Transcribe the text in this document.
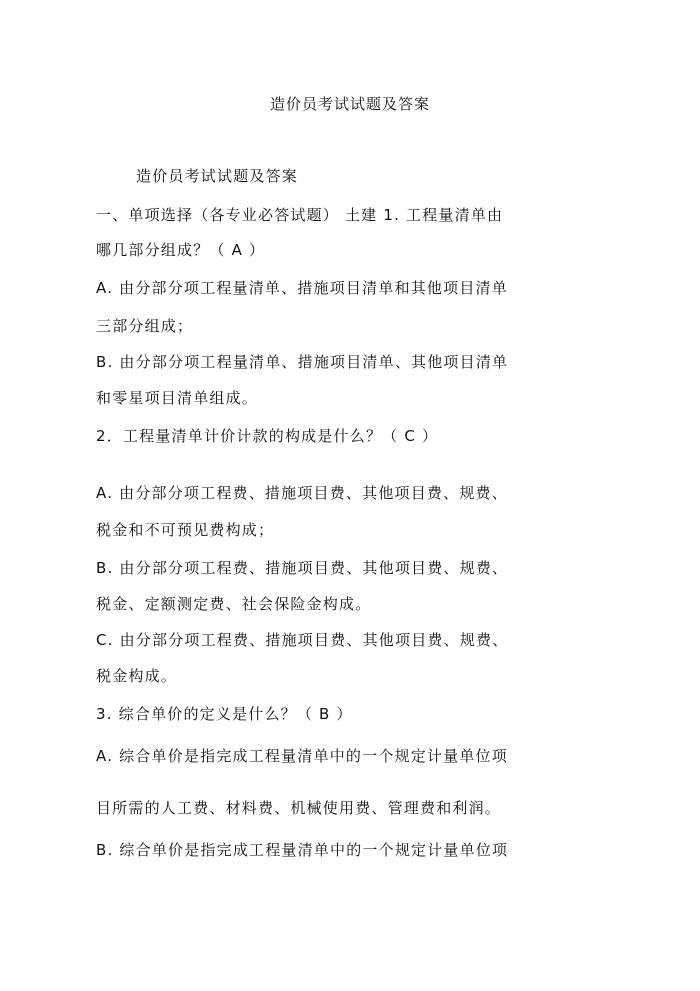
造价员考试试题及答案
造价员考试试题及答案
一、单项选择（各专业必答试题） 土建 1. 工程量清单由
哪几部分组成？（ A ）
A. 由分部分项工程量清单、措施项目清单和其他项目清单
三部分组成；
B. 由分部分项工程量清单、措施项目清单、其他项目清单
和零星项目清单组成。
2．工程量清单计价计款的构成是什么？（ C ）
A. 由分部分项工程费、措施项目费、其他项目费、规费、
税金和不可预见费构成；
B. 由分部分项工程费、措施项目费、其他项目费、规费、
税金、定额测定费、社会保险金构成。
C. 由分部分项工程费、措施项目费、其他项目费、规费、
税金构成。
3. 综合单价的定义是什么？（ B ）
A. 综合单价是指完成工程量清单中的一个规定计量单位项
目所需的人工费、材料费、机械使用费、管理费和利润。
B. 综合单价是指完成工程量清单中的一个规定计量单位项
